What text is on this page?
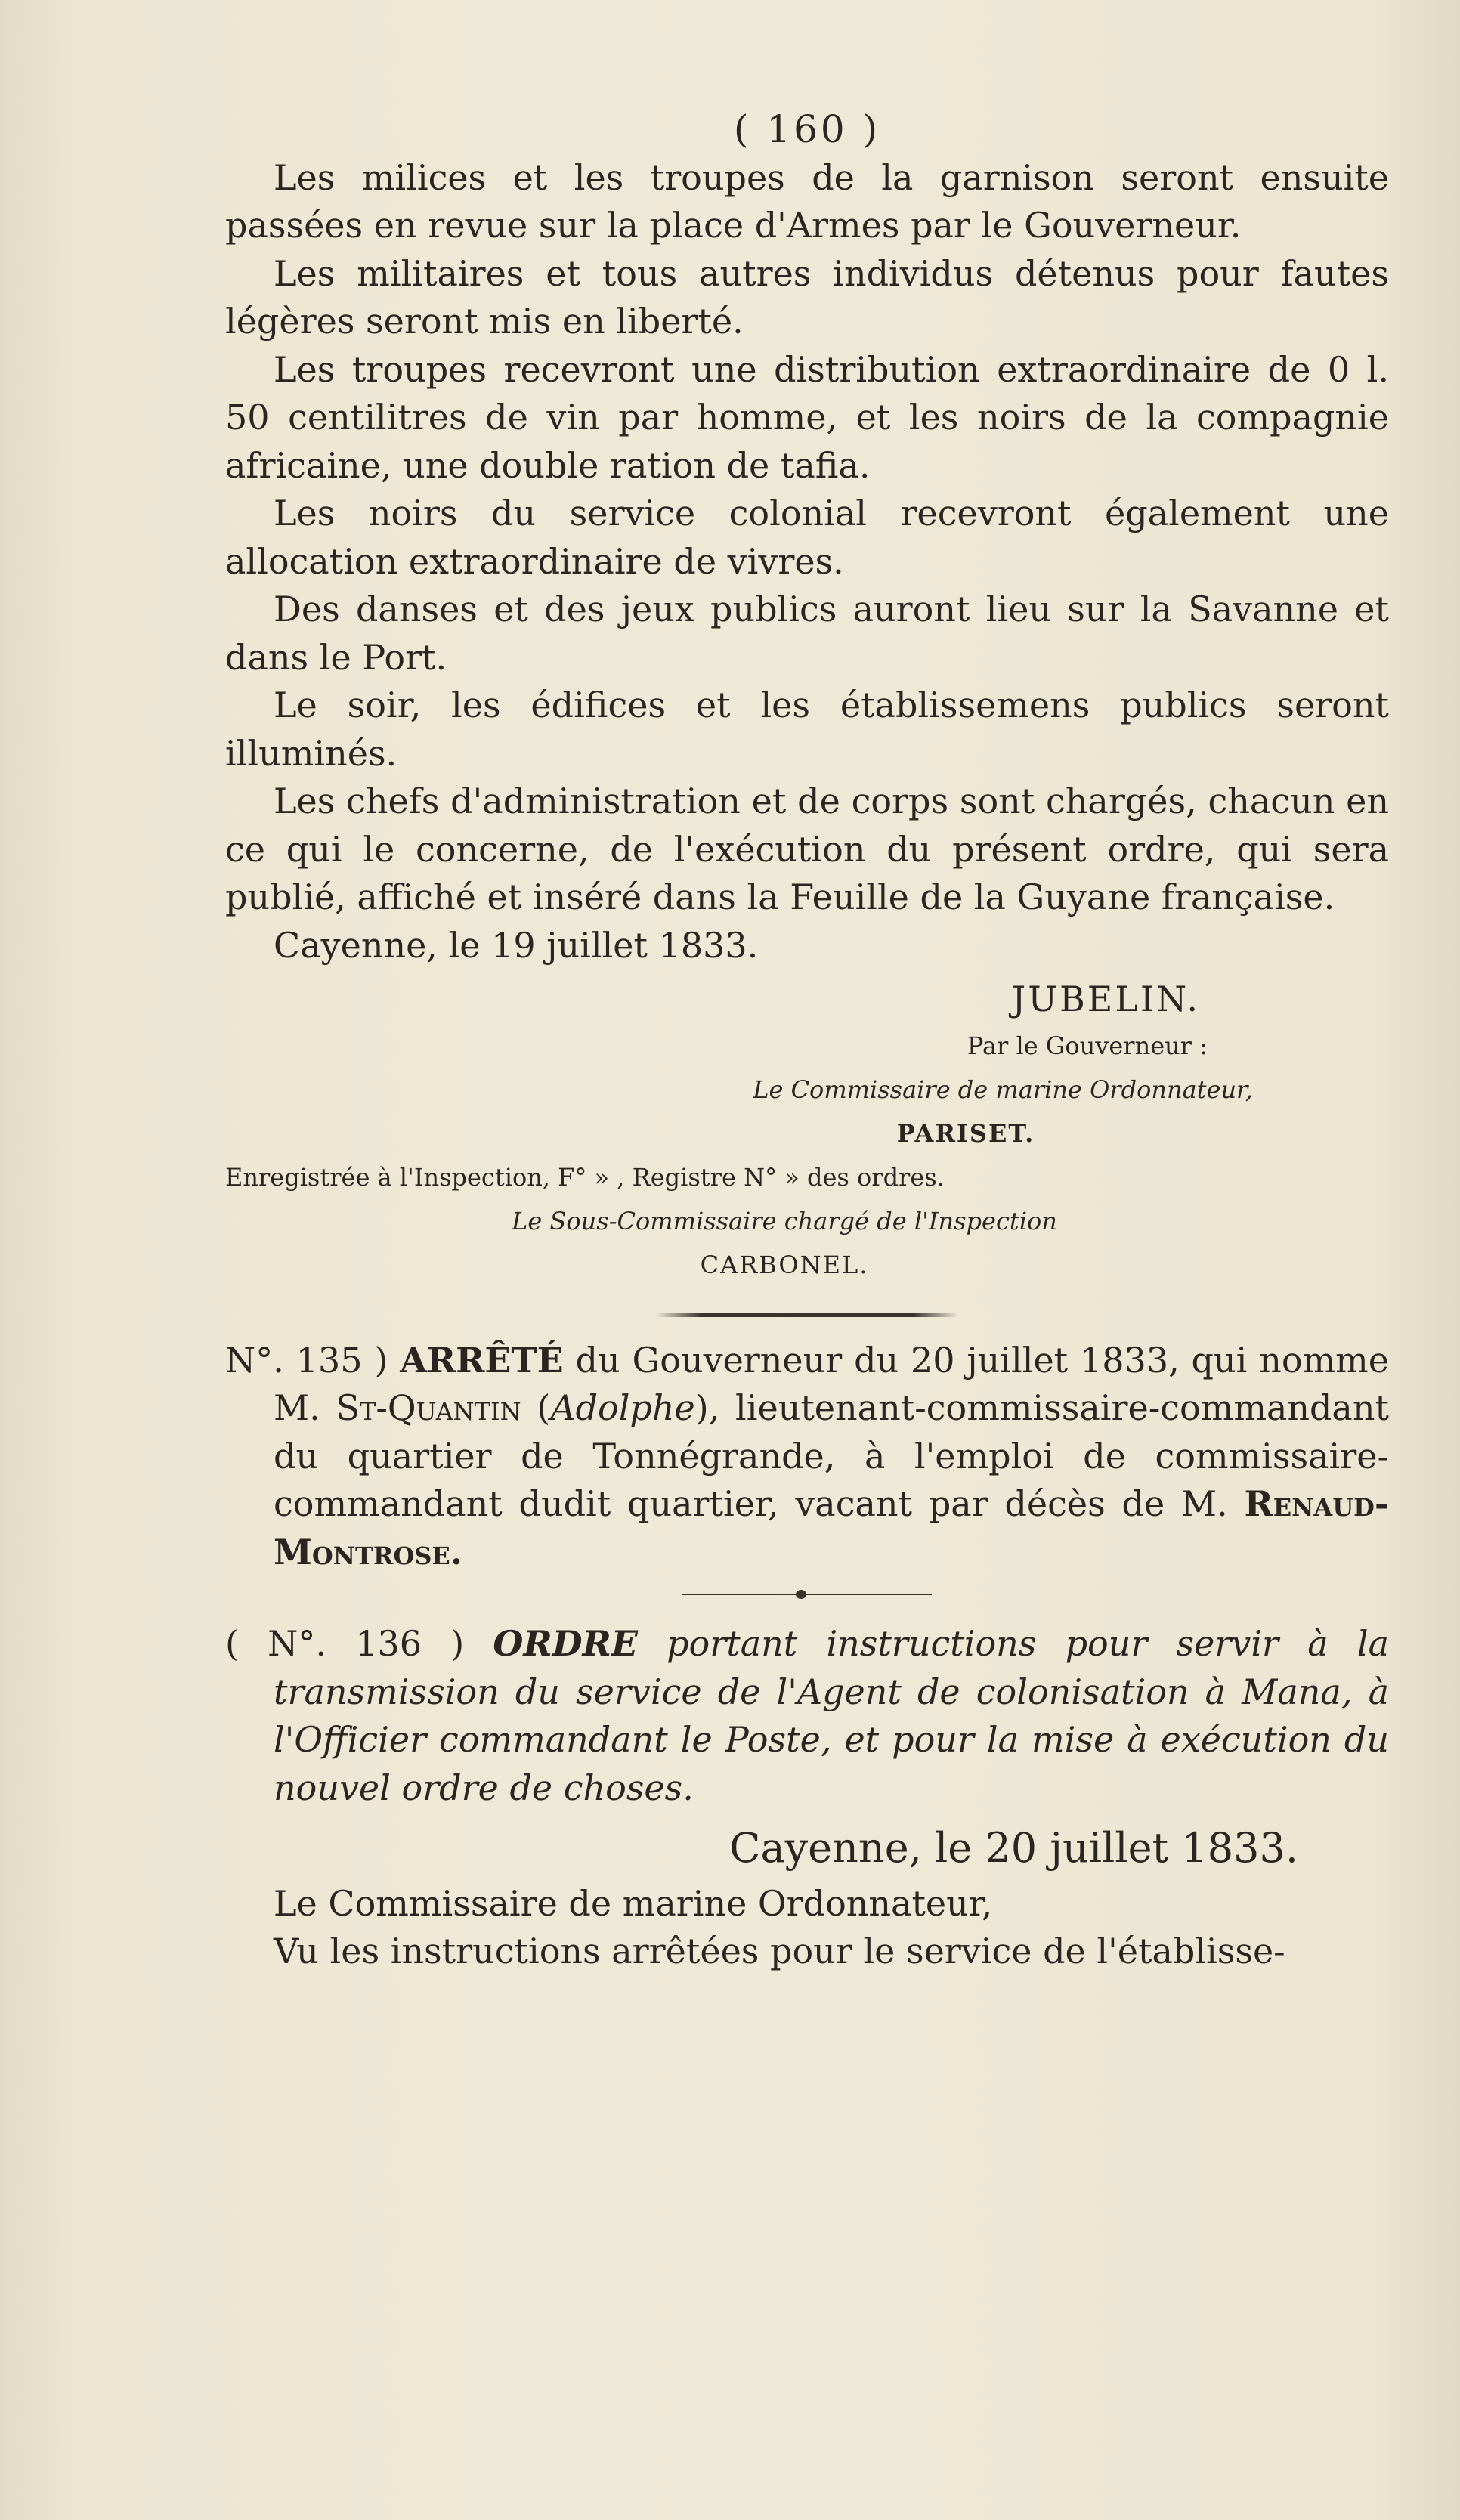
( 160 )

Les milices et les troupes de la garnison seront ensuite passées en revue sur la place d'Armes par le Gouverneur.

Les militaires et tous autres individus détenus pour fautes légères seront mis en liberté.

Les troupes recevront une distribution extraordinaire de 0 l. 50 centilitres de vin par homme, et les noirs de la compagnie africaine, une double ration de tafia.

Les noirs du service colonial recevront également une allocation extraordinaire de vivres.

Des danses et des jeux publics auront lieu sur la Savanne et dans le Port.

Le soir, les édifices et les établissemens publics seront illuminés.

Les chefs d'administration et de corps sont chargés, chacun en ce qui le concerne, de l'exécution du présent ordre, qui sera publié, affiché et inséré dans la Feuille de la Guyane française.

Cayenne, le 19 juillet 1833.

JUBELIN.
Par le Gouverneur :
Le Commissaire de marine Ordonnateur,
PARISET.
Enregistrée à l'Inspection, F° » , Registre N° » des ordres.
Le Sous-Commissaire chargé de l'Inspection
CARBONEL.

N°. 135 ) ARRÊTÉ du Gouverneur du 20 juillet 1833, qui nomme M. St-Quantin (Adolphe), lieutenant-commissaire-commandant du quartier de Tonnégrande, à l'emploi de commissaire-commandant dudit quartier, vacant par décès de M. Renaud-Montrose.

( N°. 136 ) ORDRE portant instructions pour servir à la transmission du service de l'Agent de colonisation à Mana, à l'Officier commandant le Poste, et pour la mise à exécution du nouvel ordre de choses.

Cayenne, le 20 juillet 1833.

Le Commissaire de marine Ordonnateur,

Vu les instructions arrêtées pour le service de l'établisse-
